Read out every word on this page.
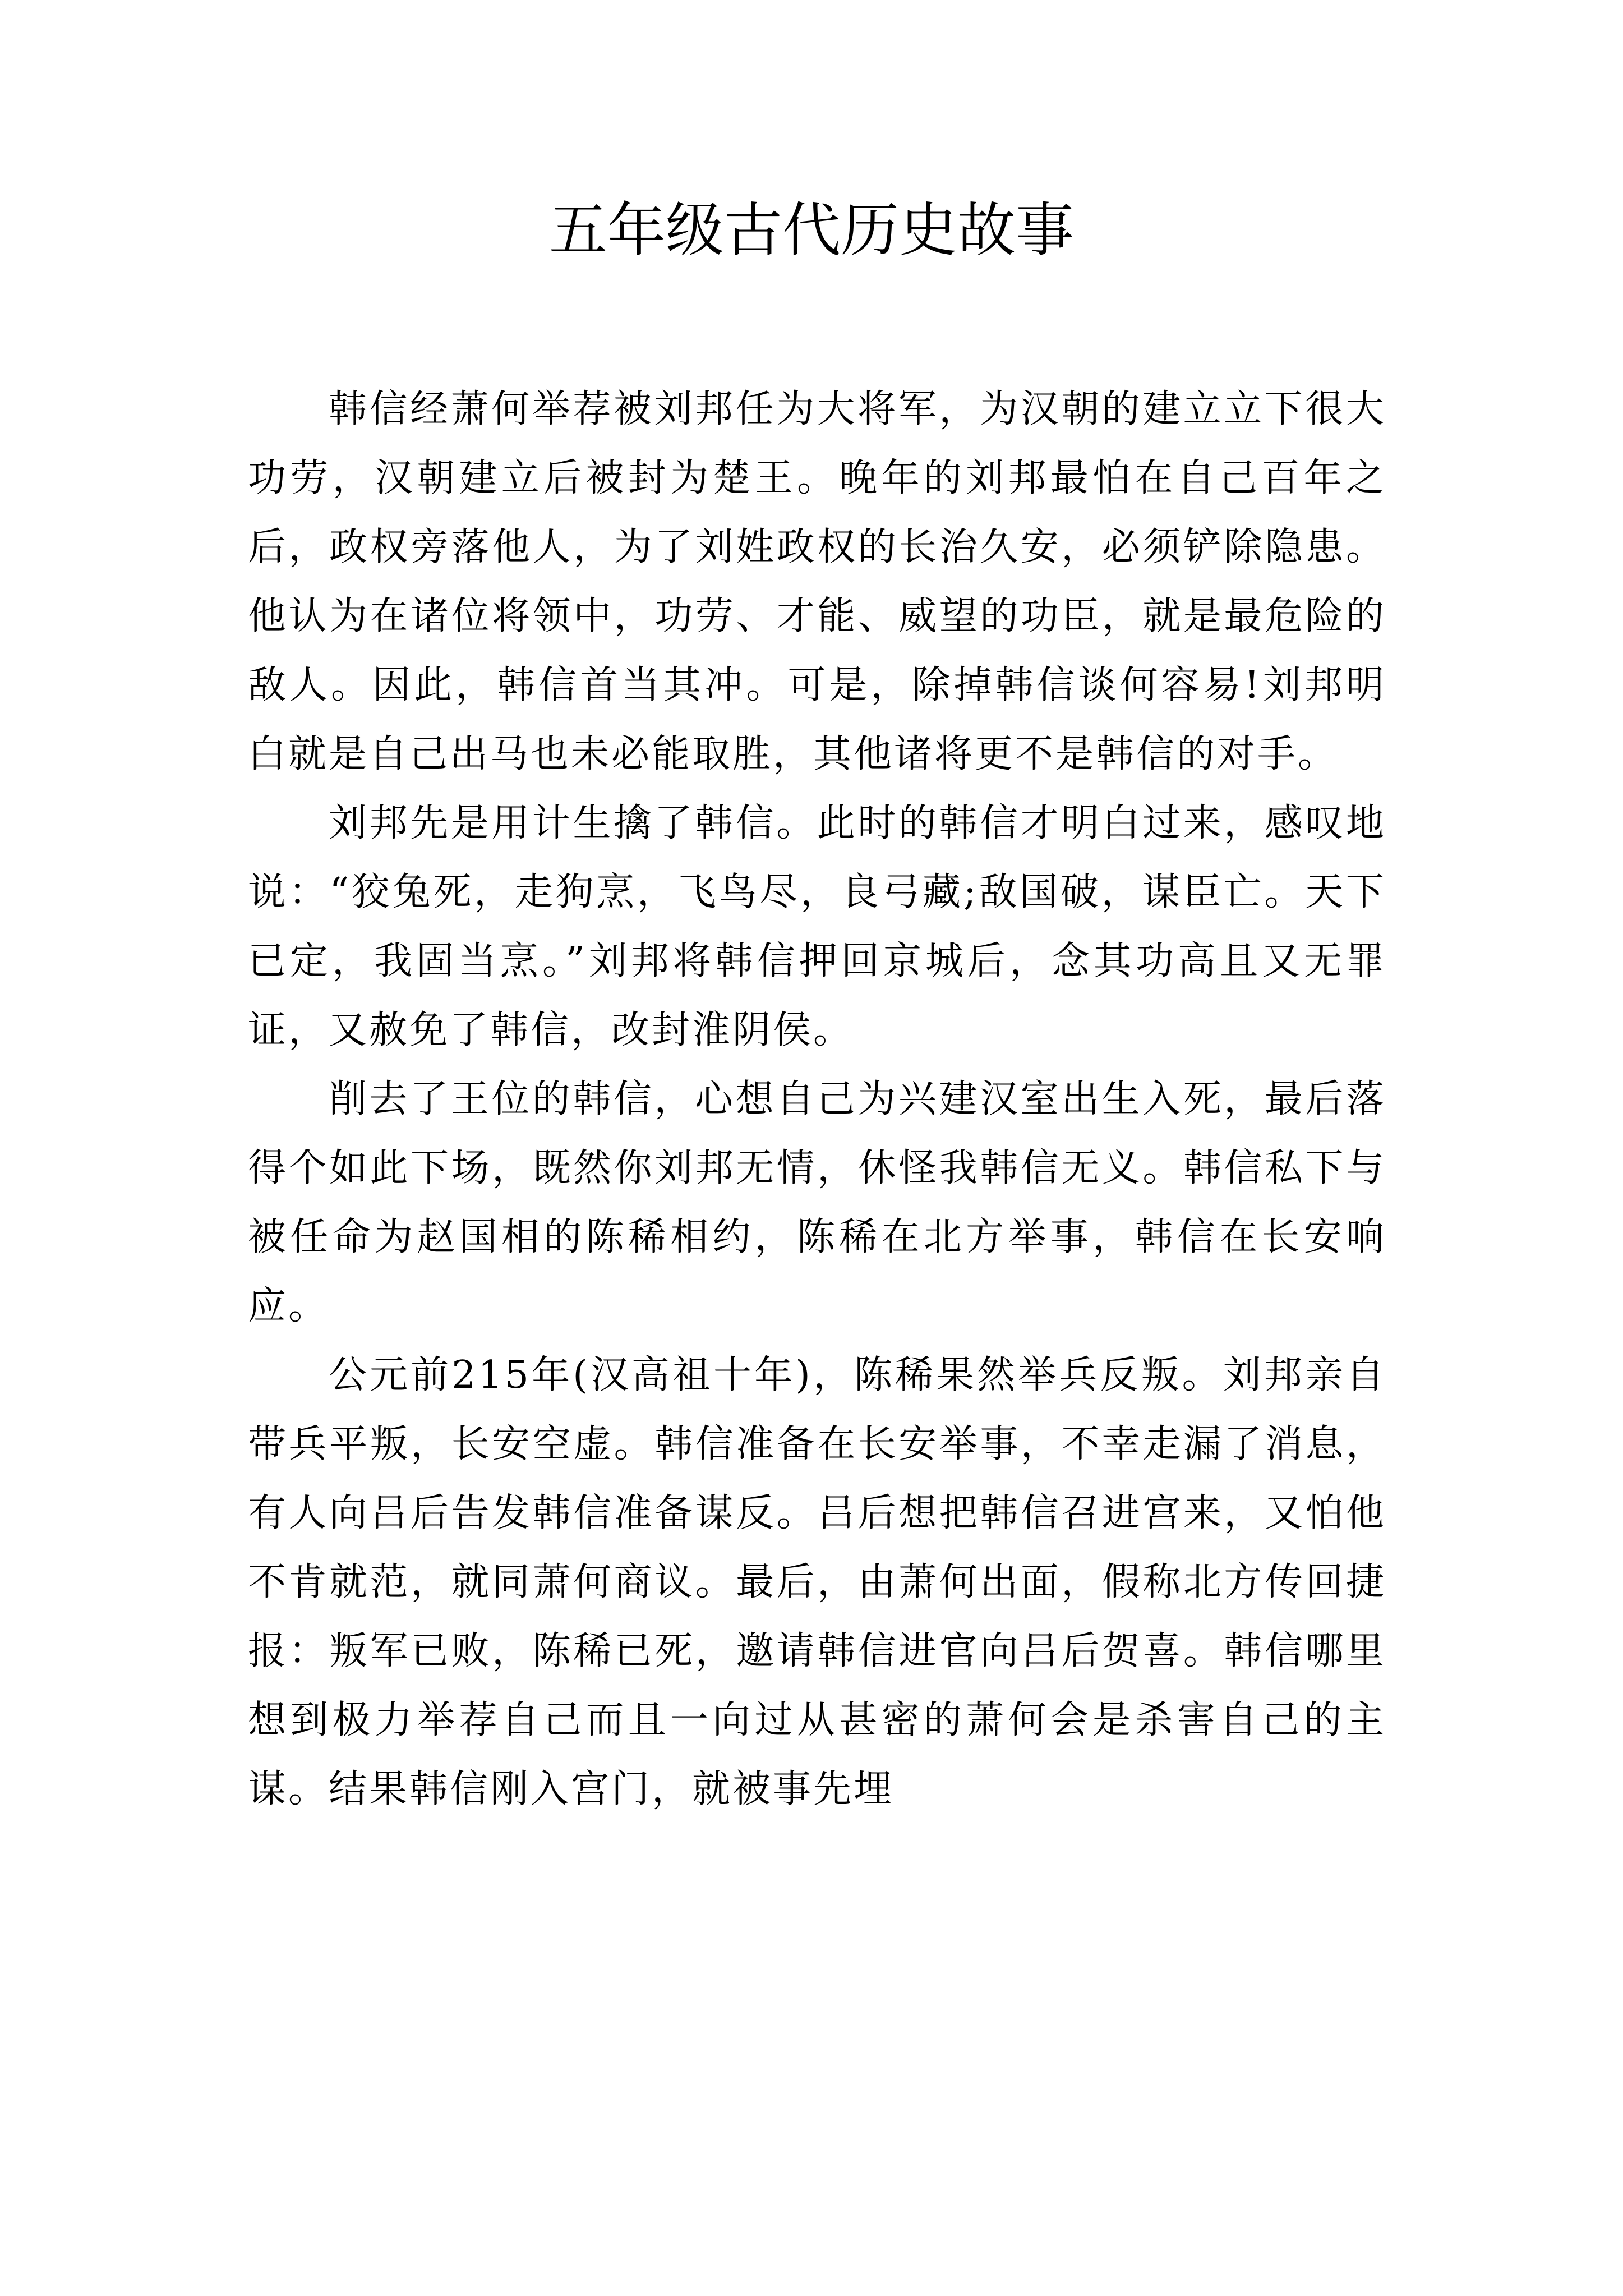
五年级古代历史故事

韩信经萧何举荐被刘邦任为大将军，为汉朝的建立立下很大功劳，汉朝建立后被封为楚王。晚年的刘邦最怕在自己百年之后，政权旁落他人，为了刘姓政权的长治久安，必须铲除隐患。他认为在诸位将领中，功劳、才能、威望的功臣，就是最危险的敌人。因此，韩信首当其冲。可是，除掉韩信谈何容易!刘邦明白就是自己出马也未必能取胜，其他诸将更不是韩信的对手。

刘邦先是用计生擒了韩信。此时的韩信才明白过来，感叹地说：“狡兔死，走狗烹，飞鸟尽，良弓藏;敌国破，谋臣亡。天下已定，我固当烹。”刘邦将韩信押回京城后，念其功高且又无罪证，又赦免了韩信，改封淮阴侯。

削去了王位的韩信，心想自己为兴建汉室出生入死，最后落得个如此下场，既然你刘邦无情，休怪我韩信无义。韩信私下与被任命为赵国相的陈稀相约，陈稀在北方举事，韩信在长安响应。

公元前215年(汉高祖十年)，陈稀果然举兵反叛。刘邦亲自带兵平叛，长安空虚。韩信准备在长安举事，不幸走漏了消息，有人向吕后告发韩信准备谋反。吕后想把韩信召进宫来，又怕他不肯就范，就同萧何商议。最后，由萧何出面，假称北方传回捷报：叛军已败，陈稀已死，邀请韩信进官向吕后贺喜。韩信哪里想到极力举荐自己而且一向过从甚密的萧何会是杀害自己的主谋。结果韩信刚入宫门，就被事先埋
